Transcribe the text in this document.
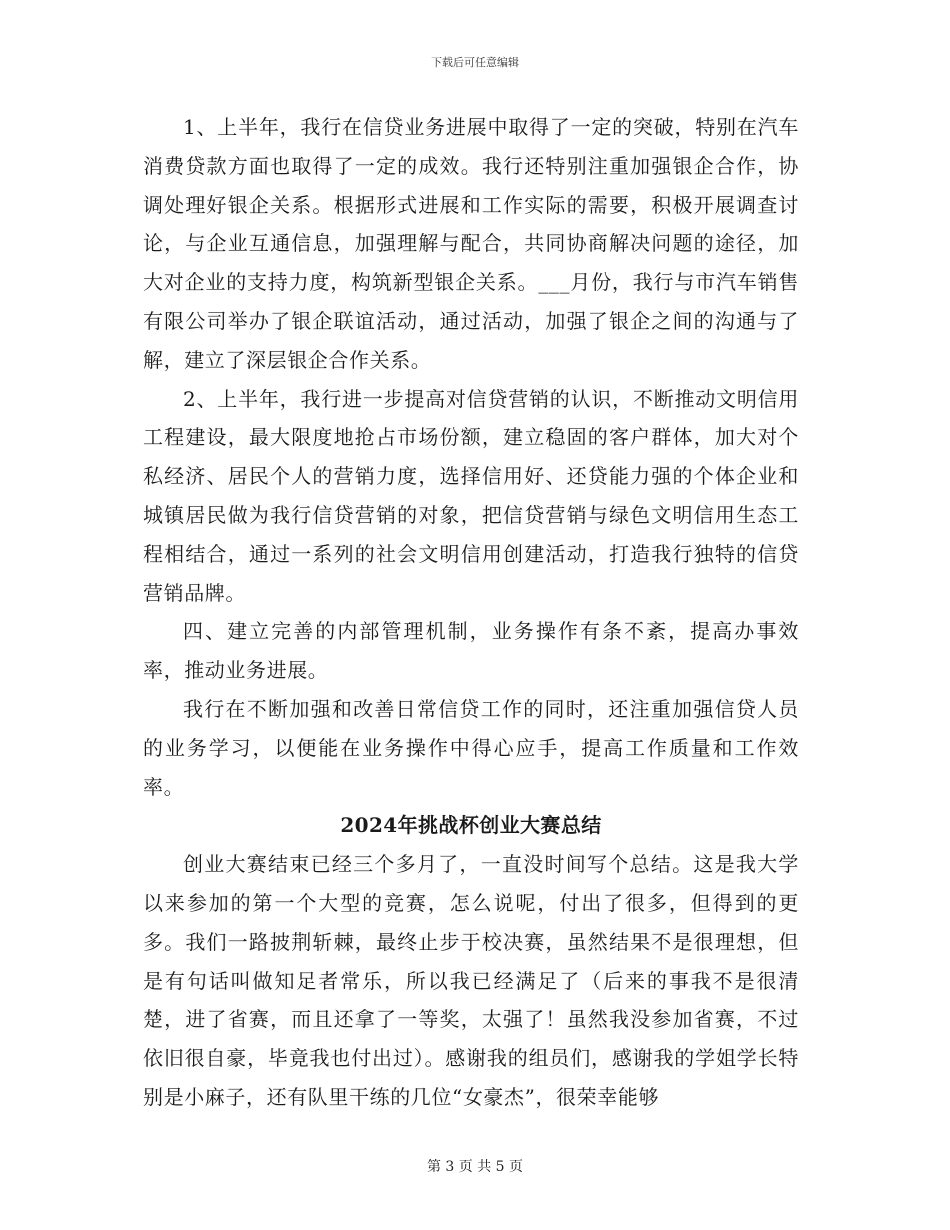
下载后可任意编辑

1、上半年，我行在信贷业务进展中取得了一定的突破，特别在汽车消费贷款方面也取得了一定的成效。我行还特别注重加强银企合作，协调处理好银企关系。根据形式进展和工作实际的需要，积极开展调查讨论，与企业互通信息，加强理解与配合，共同协商解决问题的途径，加大对企业的支持力度，构筑新型银企关系。___月份，我行与市汽车销售有限公司举办了银企联谊活动，通过活动，加强了银企之间的沟通与了解，建立了深层银企合作关系。

2、上半年，我行进一步提高对信贷营销的认识，不断推动文明信用工程建设，最大限度地抢占市场份额，建立稳固的客户群体，加大对个私经济、居民个人的营销力度，选择信用好、还贷能力强的个体企业和城镇居民做为我行信贷营销的对象，把信贷营销与绿色文明信用生态工程相结合，通过一系列的社会文明信用创建活动，打造我行独特的信贷营销品牌。

四、建立完善的内部管理机制，业务操作有条不紊，提高办事效率，推动业务进展。

我行在不断加强和改善日常信贷工作的同时，还注重加强信贷人员的业务学习，以便能在业务操作中得心应手，提高工作质量和工作效率。

2024年挑战杯创业大赛总结

创业大赛结束已经三个多月了，一直没时间写个总结。这是我大学以来参加的第一个大型的竞赛，怎么说呢，付出了很多，但得到的更多。我们一路披荆斩棘，最终止步于校决赛，虽然结果不是很理想，但是有句话叫做知足者常乐，所以我已经满足了（后来的事我不是很清楚，进了省赛，而且还拿了一等奖，太强了！虽然我没参加省赛，不过依旧很自豪，毕竟我也付出过）。感谢我的组员们，感谢我的学姐学长特别是小麻子，还有队里干练的几位“女豪杰”，很荣幸能够

第 3 页 共 5 页
